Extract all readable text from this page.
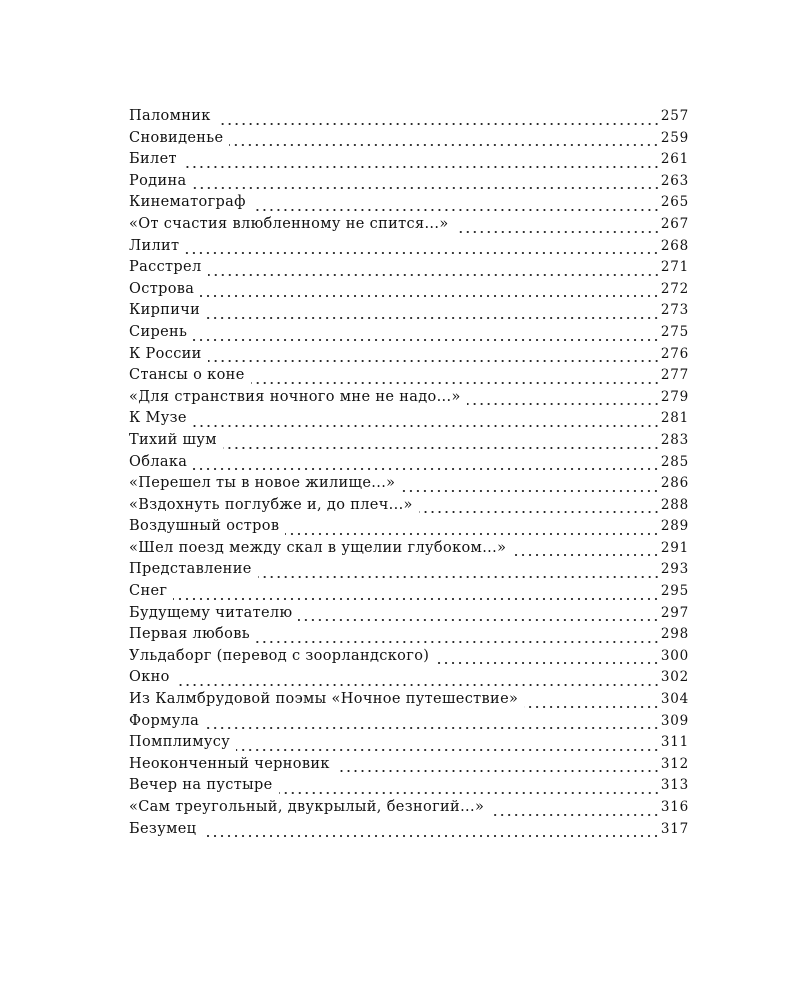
Паломник	257
Сновиденье	259
Билет	261
Родина	263
Кинематограф	265
«От счастия влюбленному не спится...»	267
Лилит	268
Расстрел	271
Острова	272
Кирпичи	273
Сирень	275
К России	276
Стансы о коне	277
«Для странствия ночного мне не надо...»	279
К Музе	281
Тихий шум	283
Облака	285
«Перешел ты в новое жилище...»	286
«Вздохнуть поглубже и, до плеч...»	288
Воздушный остров	289
«Шел поезд между скал в ущелии глубоком...»	291
Представление	293
Снег	295
Будущему читателю	297
Первая любовь	298
Ульдаборг (перевод с зоорландского)	300
Окно	302
Из Калмбрудовой поэмы «Ночное путешествие»	304
Формула	309
Помплимусу	311
Неоконченный черновик	312
Вечер на пустыре	313
«Сам треугольный, двукрылый, безногий...»	316
Безумец	317
